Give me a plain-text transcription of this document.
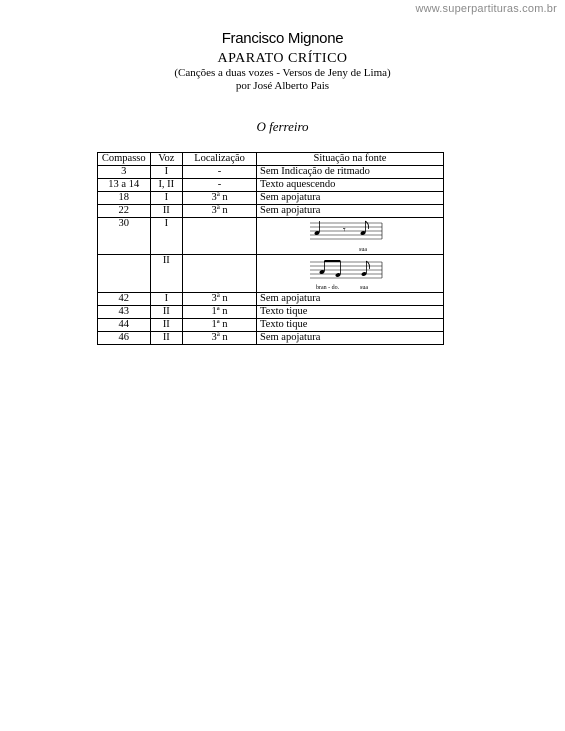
www.superpartituras.com.br
Francisco Mignone
APARATO CRÍTICO
(Canções a duas vozes - Versos de Jeny de Lima)
por José Alberto Pais
O ferreiro
Compasso	Voz	Localização	Situação na fonte
3	I	-	Sem Indicação de ritmado
13 a 14	I, II	-	Texto aquescendo
18	I	3$^a$ n	Sem apojatura
22	II	3$^a$ n	Sem apojatura
30	I		𝄾
sua

	II		bran - do. sua

42	I	3$^a$ n	Sem apojatura
43	II	1ª n	Texto tique
44	II	1ª n	Texto tique
46	II	3$^a$ n	Sem apojatura
